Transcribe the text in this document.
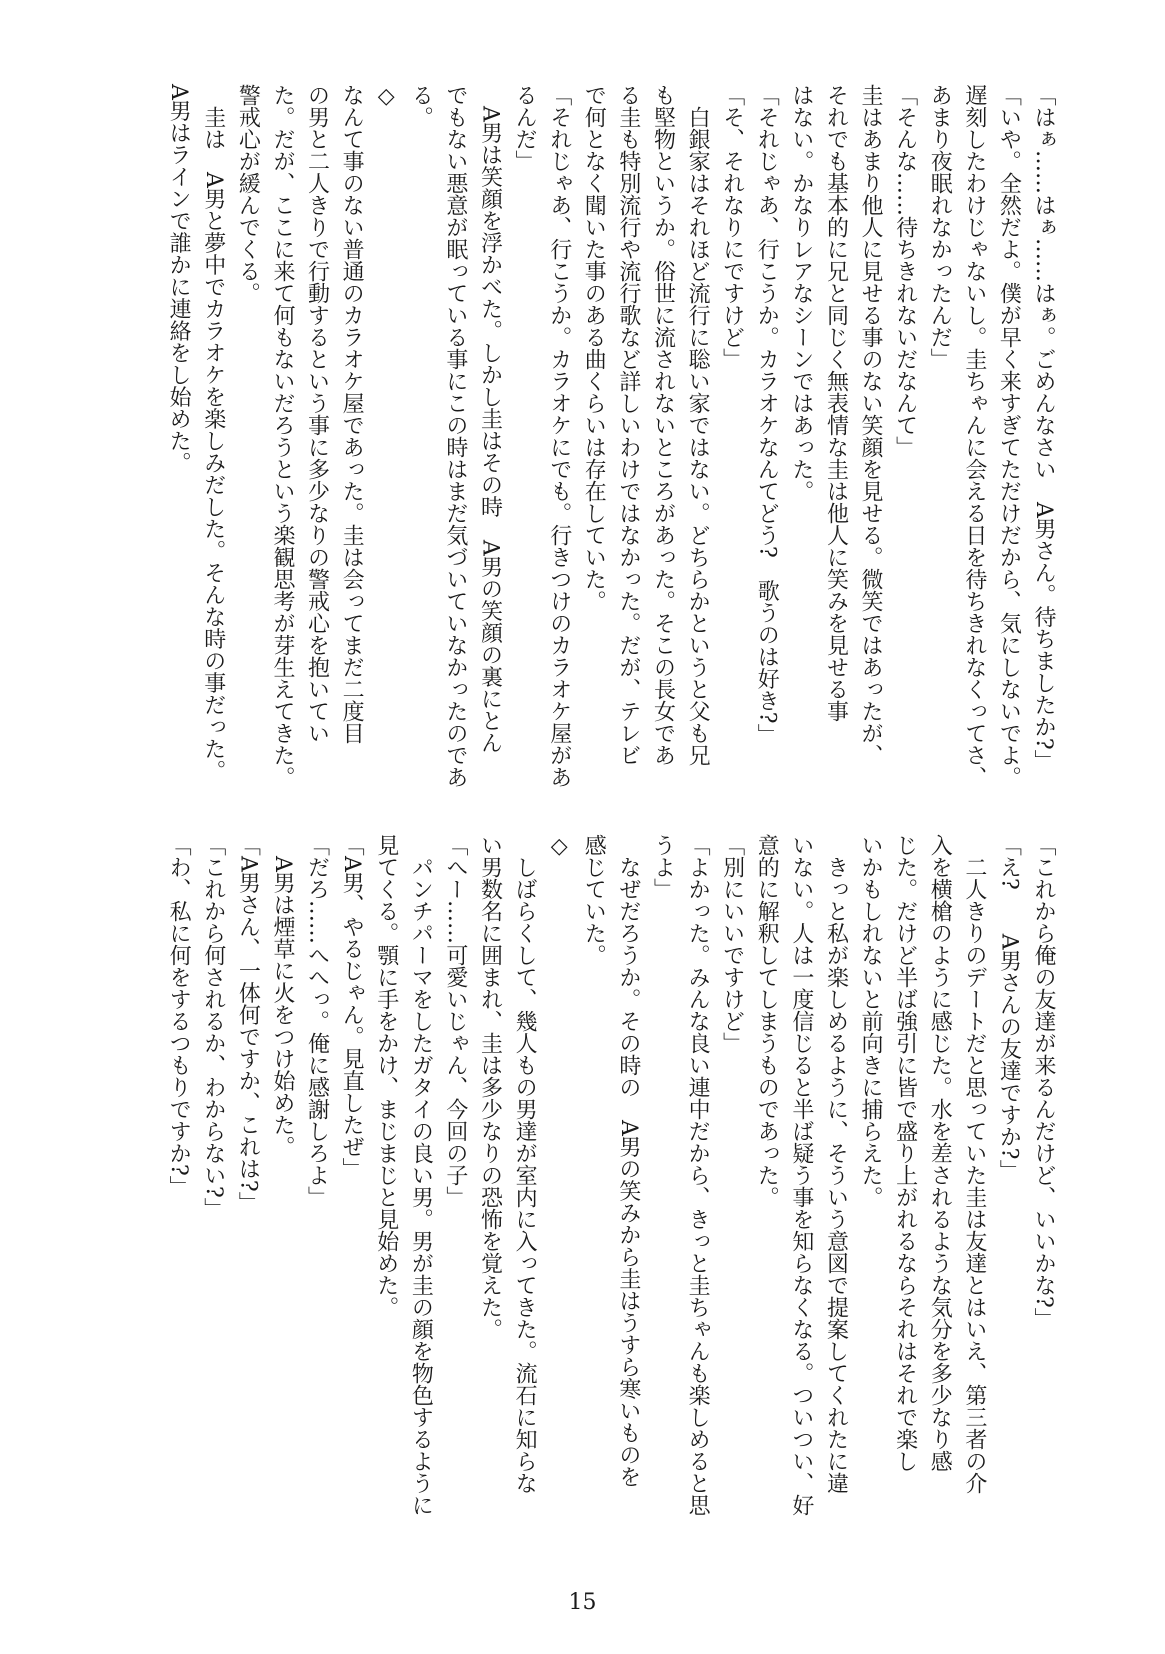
「はぁ……はぁ……はぁ。ごめんなさい　A男さん。待ちましたか?」
「いや。全然だよ。僕が早く来すぎてただけだから、気にしないでよ。
遅刻したわけじゃないし。圭ちゃんに会える日を待ちきれなくってさ、
あまり夜眠れなかったんだ」
「そんな……待ちきれないだなんて」
圭はあまり他人に見せる事のない笑顔を見せる。微笑ではあったが、
それでも基本的に兄と同じく無表情な圭は他人に笑みを見せる事
はない。かなりレアなシーンではあった。
「それじゃあ、行こうか。カラオケなんてどう?　歌うのは好き?」
「そ、それなりにですけど」
　白銀家はそれほど流行に聡い家ではない。どちらかというと父も兄
も堅物というか。俗世に流されないところがあった。そこの長女であ
る圭も特別流行や流行歌など詳しいわけではなかった。だが、テレビ
で何となく聞いた事のある曲くらいは存在していた。
「それじゃあ、行こうか。カラオケにでも。行きつけのカラオケ屋があ
るんだ」
　A男は笑顔を浮かべた。しかし圭はその時　A男の笑顔の裏にとん
でもない悪意が眠っている事にこの時はまだ気づいていなかったのであ
る。
◇
なんて事のない普通のカラオケ屋であった。圭は会ってまだ二度目
の男と二人きりで行動するという事に多少なりの警戒心を抱いてい
た。だが、ここに来て何もないだろうという楽観思考が芽生えてきた。
警戒心が緩んでくる。
　圭は　A男と夢中でカラオケを楽しみだした。そんな時の事だった。
A男はラインで誰かに連絡をし始めた。
「これから俺の友達が来るんだけど、いいかな?」
「え?　　A男さんの友達ですか?」
　二人きりのデートだと思っていた圭は友達とはいえ、第三者の介
入を横槍のように感じた。水を差されるような気分を多少なり感
じた。だけど半ば強引に皆で盛り上がれるならそれはそれで楽し
いかもしれないと前向きに捕らえた。
　きっと私が楽しめるように、そういう意図で提案してくれたに違
いない。人は一度信じると半ば疑う事を知らなくなる。ついつい、好
意的に解釈してしまうものであった。
「別にいいですけど」
「よかった。みんな良い連中だから、きっと圭ちゃんも楽しめると思
うよ」
　なぜだろうか。その時の　A男の笑みから圭はうすら寒いものを
感じていた。
◇
　しばらくして、幾人もの男達が室内に入ってきた。流石に知らな
い男数名に囲まれ、圭は多少なりの恐怖を覚えた。
「へー……可愛いじゃん、今回の子」
　パンチパーマをしたガタイの良い男。男が圭の顔を物色するように
見てくる。顎に手をかけ、まじまじと見始めた。
「A男、やるじゃん。見直したぜ」
「だろ……へへっ。俺に感謝しろよ」
　A男は煙草に火をつけ始めた。
「A男さん、一体何ですか、これは?」
「これから何されるか、わからない?」
「わ、私に何をするつもりですか?」
15
